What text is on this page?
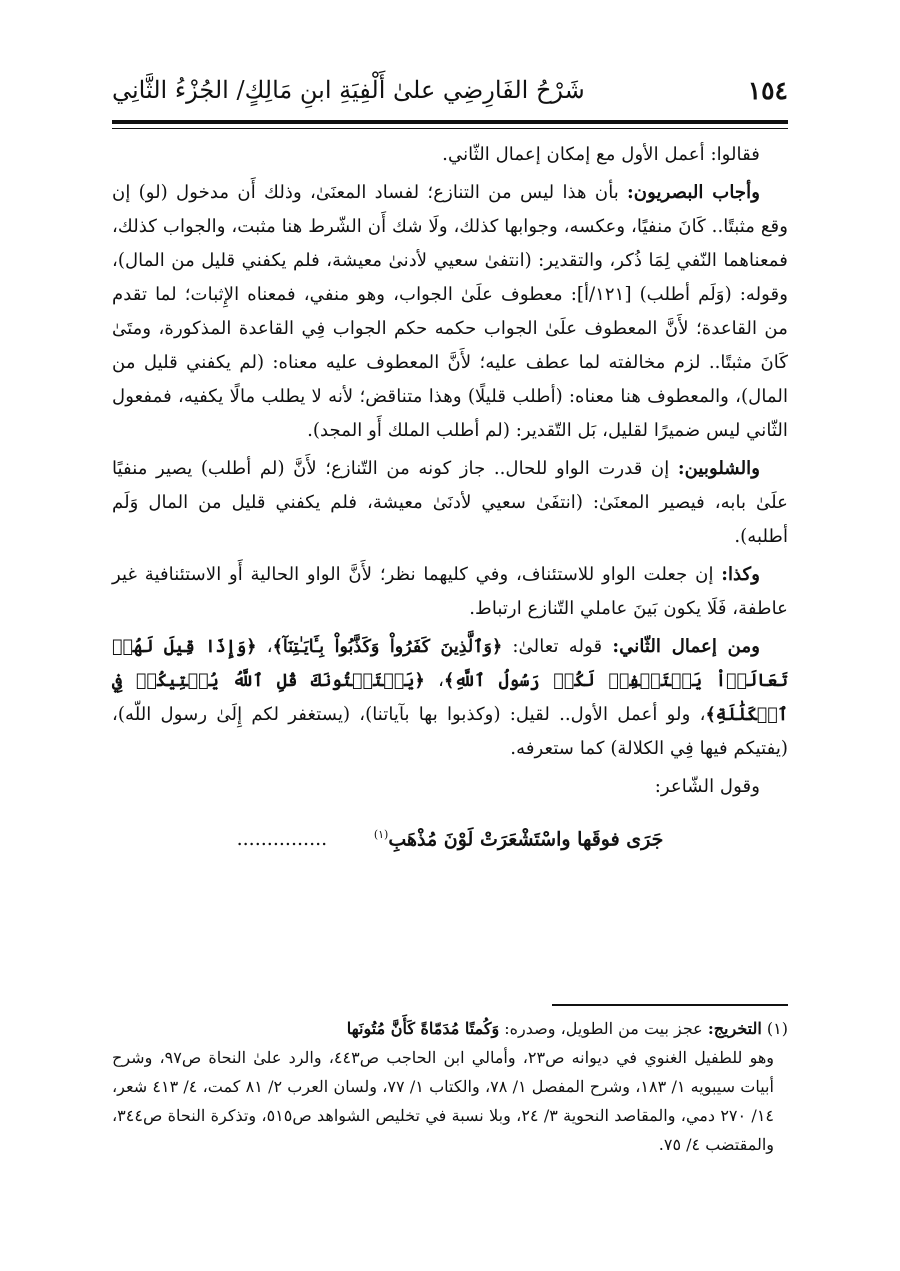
١٥٤
شَرْحُ الفَارِضِي علىٰ أَلْفِيَةِ ابنِ مَالِكٍ/ الجُزْءُ الثَّانِي

فقالوا: أعمل الأول مع إمكان إعمال الثّاني.

وأجاب البصريون: بأن هذا ليس من التنازع؛ لفساد المعنَىٰ، وذلك أَن مدخول (لو) إن وقع مثبتًا.. كَانَ منفيًا، وعكسه، وجوابها كذلك، ولَا شك أَن الشّرط هنا مثبت، والجواب كذلك، فمعناهما النّفي لِمَا ذُكر، والتقدير: (انتفىٰ سعيي لأدنىٰ معيشة، فلم يكفني قليل من المال)، وقوله: (وَلَم أطلب) [١٢١/أ]: معطوف علَىٰ الجواب، وهو منفي، فمعناه الإِثبات؛ لما تقدم من القاعدة؛ لأَنَّ المعطوف علَىٰ الجواب حكمه حكم الجواب فِي القاعدة المذكورة، ومتَىٰ كَانَ مثبتًا.. لزم مخالفته لما عطف عليه؛ لأَنَّ المعطوف عليه معناه: (لم يكفني قليل من المال)، والمعطوف هنا معناه: (أطلب قليلًا) وهذا متناقض؛ لأنه لا يطلب مالًا يكفيه، فمفعول الثّاني ليس ضميرًا لقليل، بَل التّقدير: (لم أطلب الملك أَو المجد).

والشلوبين: إن قدرت الواو للحال.. جاز كونه من التّنازع؛ لأَنَّ (لم أطلب) يصير منفيًا علَىٰ بابه، فيصير المعنَىٰ: (انتفَىٰ سعيي لأدنَىٰ معيشة، فلم يكفني قليل من المال وَلَم أطلبه).

وكذا: إن جعلت الواو للاستئناف، وفي كليهما نظر؛ لأَنَّ الواو الحالية أَو الاستئنافية غير عاطفة، فَلَا يكون بَينَ عاملي التّنازع ارتباط.

ومن إعمال الثّاني: قوله تعالىٰ: ﴿وَٱلَّذِينَ كَفَرُواْ وَكَذَّبُواْ بِـَٔايَـٰتِنَآ﴾، ﴿وَإِذَا قِيلَ لَهُمۡ تَعَالَوۡاْ يَسۡتَغۡفِرۡ لَكُمۡ رَسُولُ ٱللَّهِ﴾، ﴿يَسۡتَفۡتُونَكَ قُلِ ٱللَّهُ يُفۡتِيكُمۡ فِي ٱلۡكَلَٰلَةِ﴾، ولو أعمل الأول.. لقيل: (وكذبوا بها بآياتنا)، (يستغفر لكم إِلَىٰ رسول اللّه)، (يفتيكم فيها فِي الكلالة) كما ستعرفه.

وقول الشّاعر:

جَرَى فوقَها واسْتَشْعَرَتْ لَوْنَ مُذْهَبِ$^{(١)}$ ...............

(١) التخريج: عجز بيت من الطويل، وصدره: وَكُمتًا مُدَمّاةً كَأَنَّ مُتُونَها

وهو للطفيل الغنوي في ديوانه ص٢٣، وأمالي ابن الحاجب ص٤٤٣، والرد علىٰ النحاة ص٩٧، وشرح أبيات سيبويه ١/ ١٨٣، وشرح المفصل ١/ ٧٨، والكتاب ١/ ٧٧، ولسان العرب ٢/ ٨١ كمت، ٤/ ٤١٣ شعر، ١٤/ ٢٧٠ دمي، والمقاصد النحوية ٣/ ٢٤، وبلا نسبة في تخليص الشواهد ص٥١٥، وتذكرة النحاة ص٣٤٤، والمقتضب ٤/ ٧٥.
